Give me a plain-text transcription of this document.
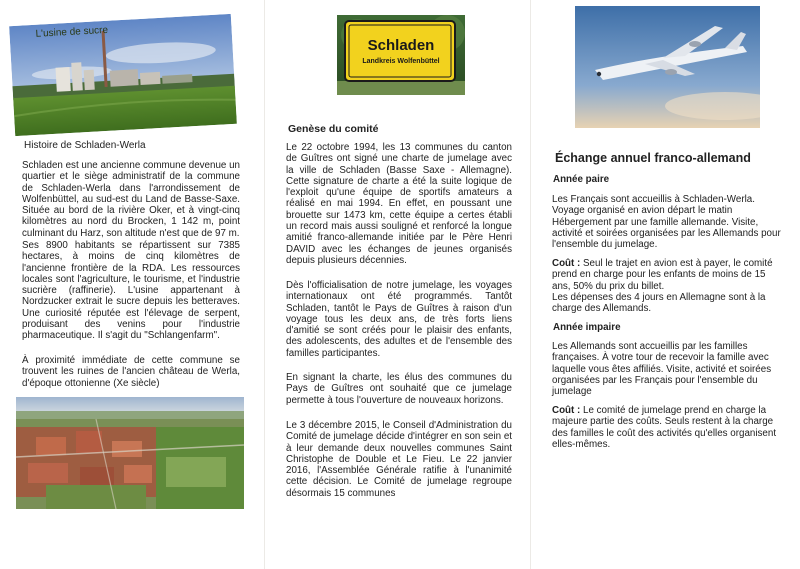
L'usine de sucre
Histoire de Schladen-Werla

Schladen est une ancienne commune devenue un quartier et le siège administratif de la commune de Schladen-Werla dans l'arrondissement de Wolfenbüttel, au sud-est du Land de Basse-Saxe. Située au bord de la rivière Oker, et à vingt-cinq kilomètres au nord du Brocken, 1 142 m, point culminant du Harz, son altitude n'est que de 97 m.

Ses 8900 habitants se répartissent sur 7385 hectares, à moins de cinq kilomètres de l'ancienne frontière de la RDA. Les ressources locales sont l'agriculture, le tourisme, et l'industrie sucrière (raffinerie). L'usine appartenant à Nordzucker extrait le sucre depuis les betteraves. Une curiosité réputée est l'élevage de serpent, produisant des venins pour l'industrie pharmaceutique. Il s'agit du "Schlangenfarm".

À proximité immédiate de cette commune se trouvent les ruines de l'ancien château de Werla, d'époque ottonienne (Xe siècle)

Schladen
Landkreis Wolfenbüttel
Genèse du comité

Le 22 octobre 1994, les 13 communes du canton de Guîtres ont signé une charte de jumelage avec la ville de Schladen (Basse Saxe - Allemagne). Cette signature de charte a été la suite logique de l'exploit qu'une équipe de sportifs amateurs a réalisé en mai 1994. En effet, en poussant une brouette sur 1473 km, cette équipe a certes établi un record mais aussi souligné et renforcé la longue amitié franco-allemande initiée par le Père Henri DAVID avec les échanges de jeunes organisés depuis plusieurs décennies.

Dès l'officialisation de notre jumelage, les voyages internationaux ont été programmés. Tantôt Schladen, tantôt le Pays de Guîtres à raison d'un voyage tous les deux ans, de très forts liens d'amitié se sont créés pour le plaisir des enfants, des adolescents, des adultes et de l'ensemble des familles participantes.

En signant la charte, les élus des communes du Pays de Guîtres ont souhaité que ce jumelage permette à tous l'ouverture de nouveaux horizons.

Le 3 décembre 2015, le Conseil d'Administration du Comité de jumelage décide d'intégrer en son sein et à leur demande deux nouvelles communes Saint Christophe de Double et Le Fieu. Le 22 janvier 2016, l'Assemblée Générale ratifie à l'unanimité cette décision. Le Comité de jumelage regroupe désormais 15 communes

Échange annuel franco-allemand
Année paire

Les Français sont accueillis à Schladen-Werla. Voyage organisé en avion départ le matin Hébergement par une famille allemande. Visite, activité et soirées organisées par les Allemands pour l'ensemble du jumelage.

Coût : Seul le trajet en avion est à payer, le comité prend en charge pour les enfants de moins de 15 ans, 50% du prix du billet.
Les dépenses des 4 jours en Allemagne sont à la charge des Allemands.

Année impaire

Les Allemands sont accueillis par les familles françaises. À votre tour de recevoir la famille avec laquelle vous êtes affiliés. Visite, activité et soirées organisées par les Français pour l'ensemble du jumelage

Coût : Le comité de jumelage prend en charge la majeure partie des coûts. Seuls restent à la charge des familles le coût des activités qu'elles organisent elles-mêmes.
